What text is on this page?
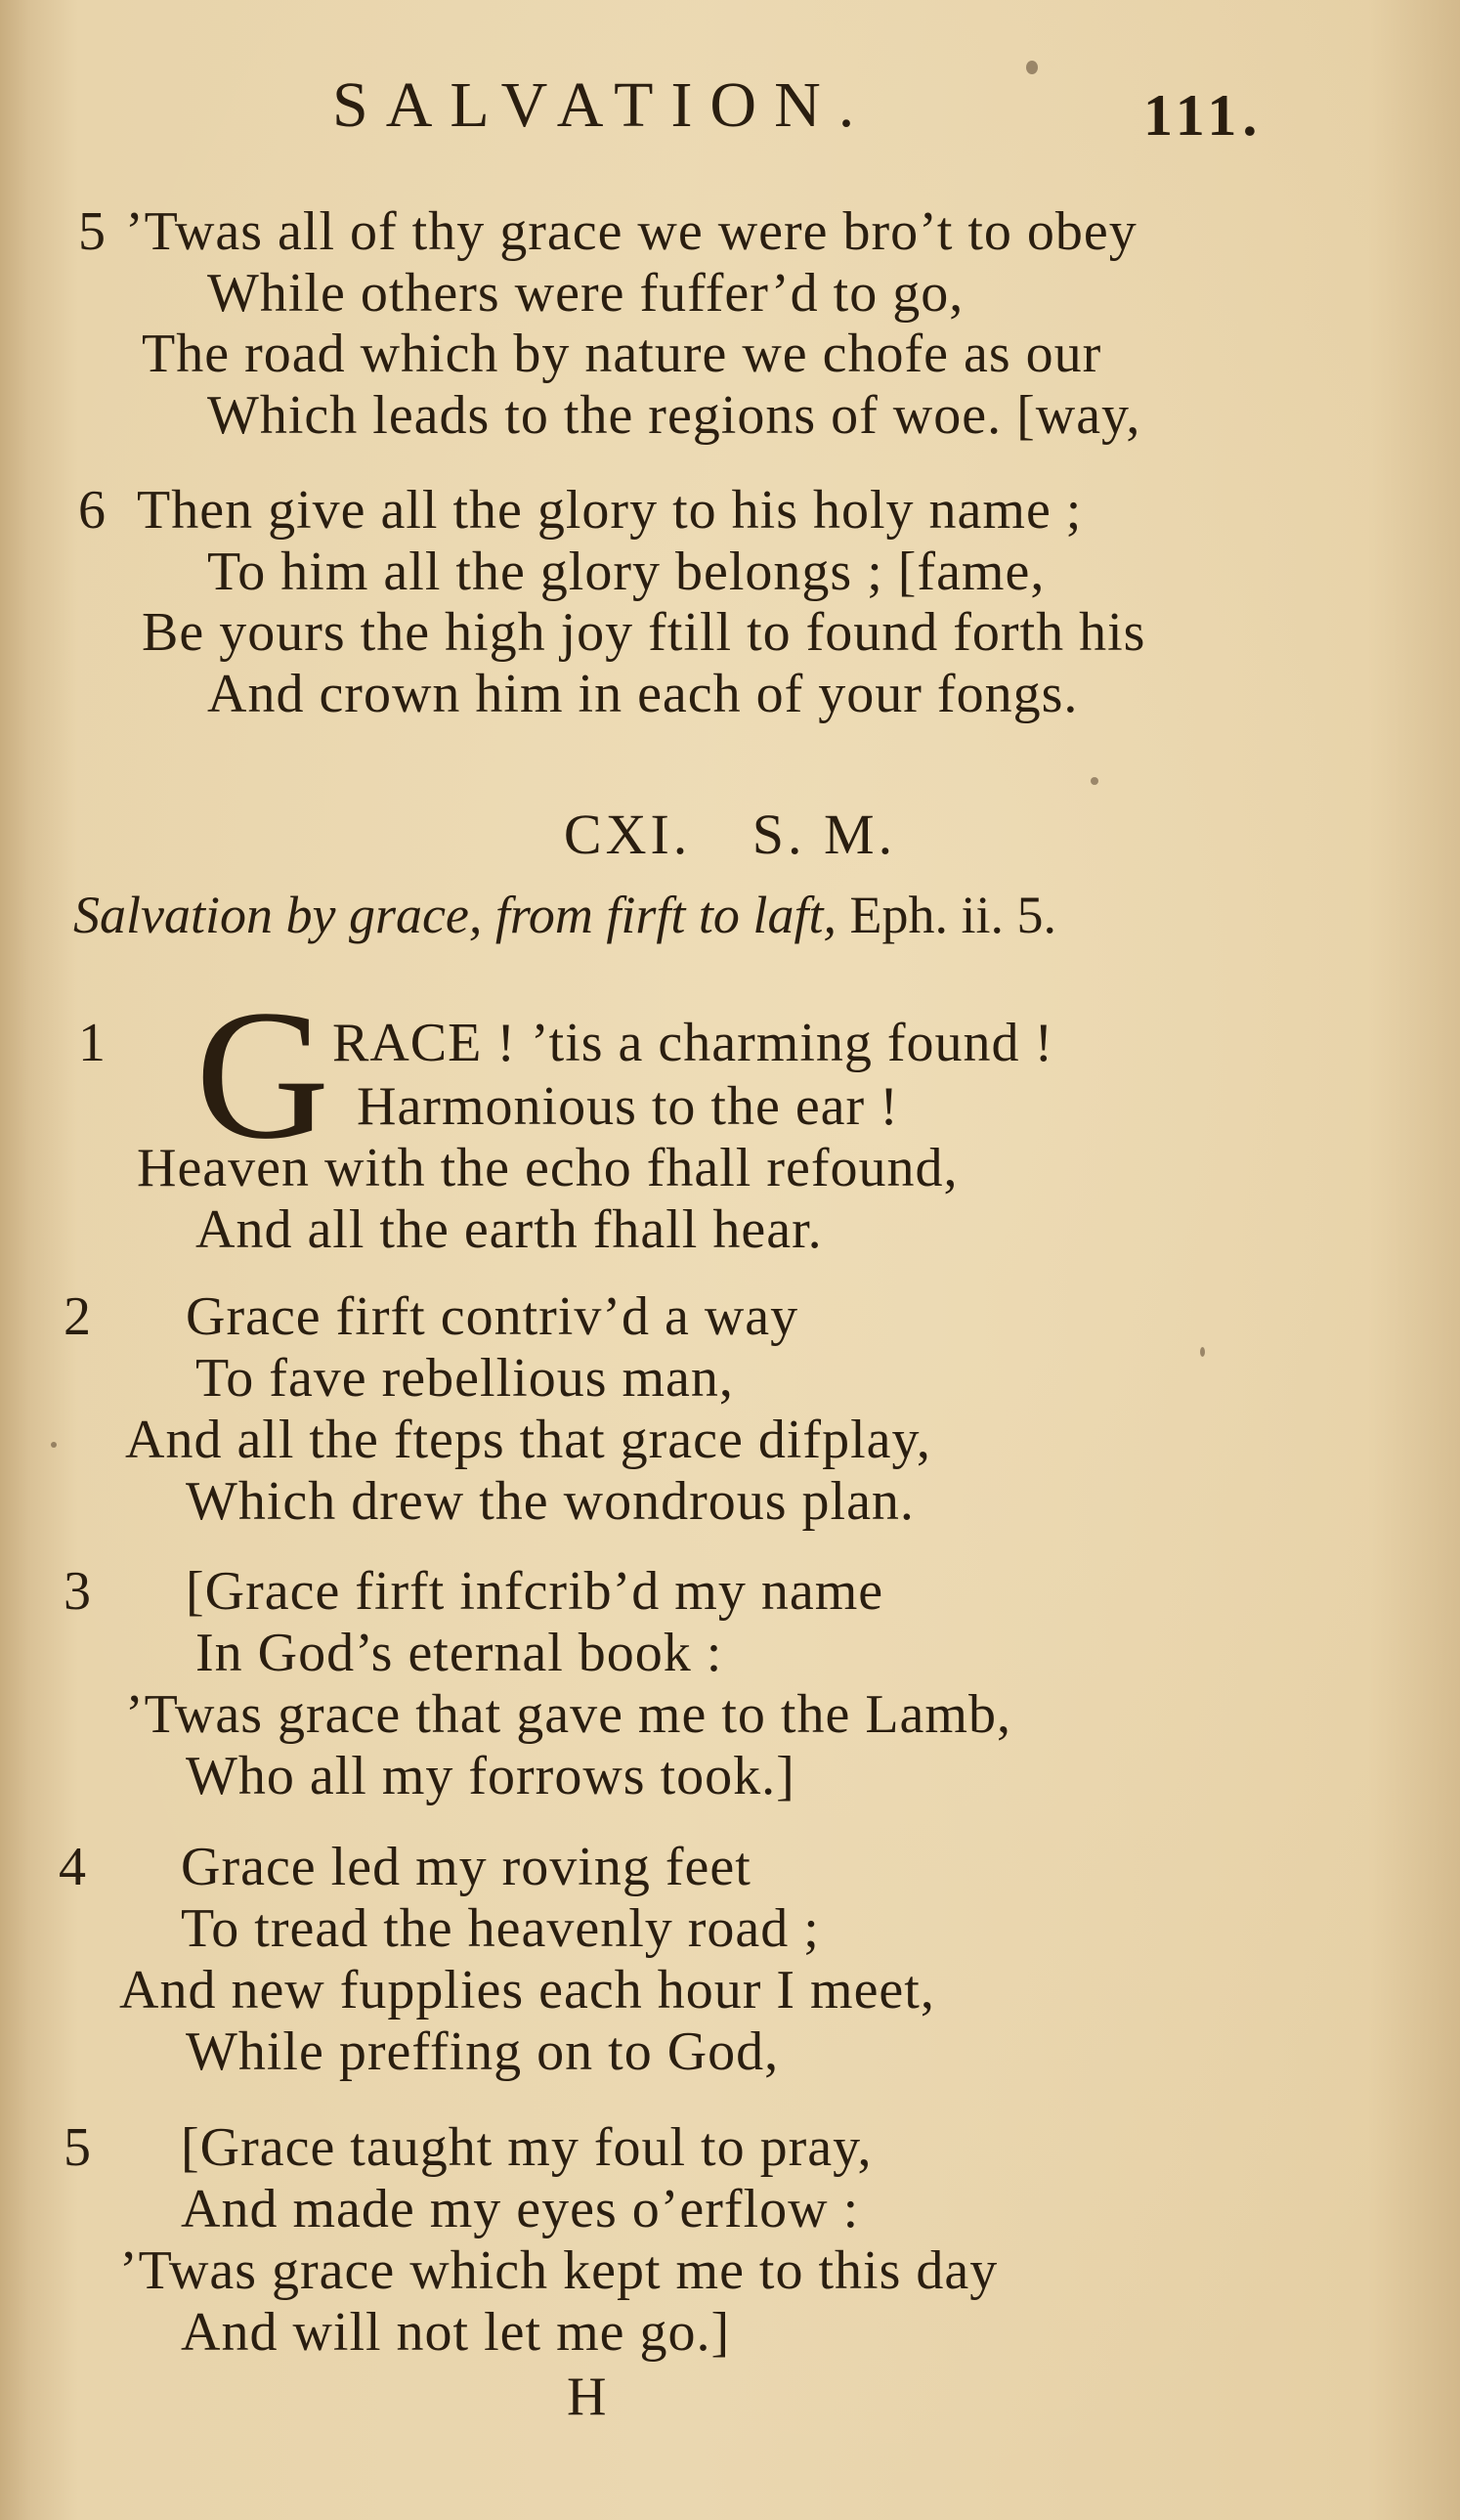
SALVATION.	111.
5 ’Twas all of thy grace we were bro’t to obey
While others were fuffer’d to go,
The road which by nature we chofe as our
Which leads to the regions of woe. [way,
6 Then give all the glory to his holy name ;
To him all the glory belongs ; [fame,
Be yours the high joy ftill to found forth his
And crown him in each of your fongs.
CXI. S. M.
Salvation by grace, from firft to laft, Eph. ii. 5.
1 G RACE ! ’tis a charming found !
Harmonious to the ear !
Heaven with the echo fhall refound,
And all the earth fhall hear.
2 Grace firft contriv’d a way
To fave rebellious man,
And all the fteps that grace difplay,
Which drew the wondrous plan.
3 [Grace firft infcrib’d my name
In God’s eternal book :
’Twas grace that gave me to the Lamb,
Who all my forrows took.]
4 Grace led my roving feet
To tread the heavenly road ;
And new fupplies each hour I meet,
While preffing on to God,
5 [Grace taught my foul to pray,
And made my eyes o’erflow :
’Twas grace which kept me to this day
And will not let me go.]
H
